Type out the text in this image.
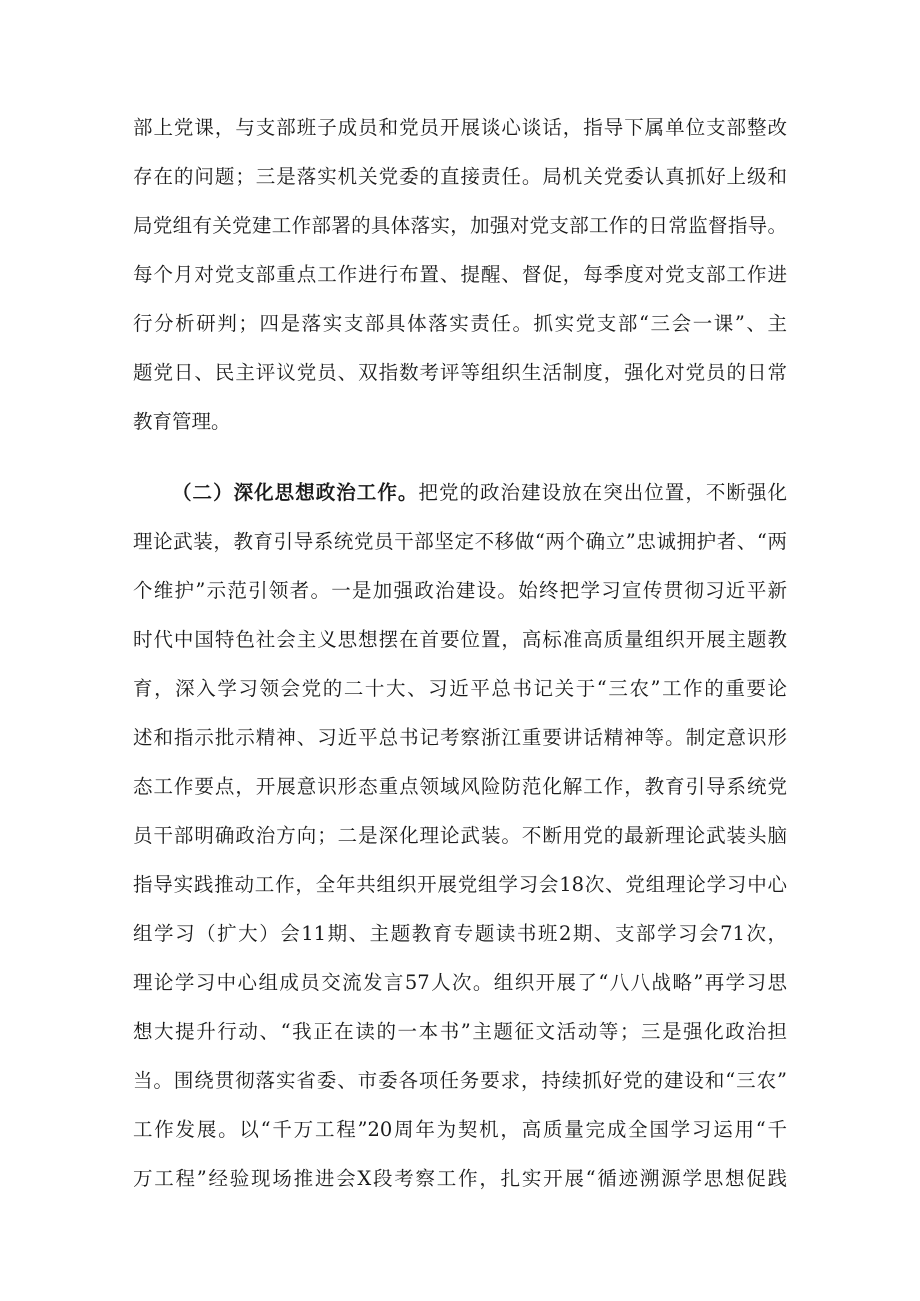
部上党课，与支部班子成员和党员开展谈心谈话，指导下属单位支部整改
存在的问题；三是落实机关党委的直接责任。局机关党委认真抓好上级和
局党组有关党建工作部署的具体落实，加强对党支部工作的日常监督指导。
每个月对党支部重点工作进行布置、提醒、督促，每季度对党支部工作进
行分析研判；四是落实支部具体落实责任。抓实党支部“三会一课”、主
题党日、民主评议党员、双指数考评等组织生活制度，强化对党员的日常
教育管理。
（二）深化思想政治工作。把党的政治建设放在突出位置，不断强化
理论武装，教育引导系统党员干部坚定不移做“两个确立”忠诚拥护者、“两
个维护”示范引领者。一是加强政治建设。始终把学习宣传贯彻习近平新
时代中国特色社会主义思想摆在首要位置，高标准高质量组织开展主题教
育，深入学习领会党的二十大、习近平总书记关于“三农”工作的重要论
述和指示批示精神、习近平总书记考察浙江重要讲话精神等。制定意识形
态工作要点，开展意识形态重点领域风险防范化解工作，教育引导系统党
员干部明确政治方向；二是深化理论武装。不断用党的最新理论武装头脑
指导实践推动工作，全年共组织开展党组学习会18次、党组理论学习中心
组学习（扩大）会11期、主题教育专题读书班2期、支部学习会71次，
理论学习中心组成员交流发言57人次。组织开展了“八八战略”再学习思
想大提升行动、“我正在读的一本书”主题征文活动等；三是强化政治担
当。围绕贯彻落实省委、市委各项任务要求，持续抓好党的建设和“三农”
工作发展。以“千万工程”20周年为契机，高质量完成全国学习运用“千
万工程”经验现场推进会X段考察工作，扎实开展“循迹溯源学思想促践
